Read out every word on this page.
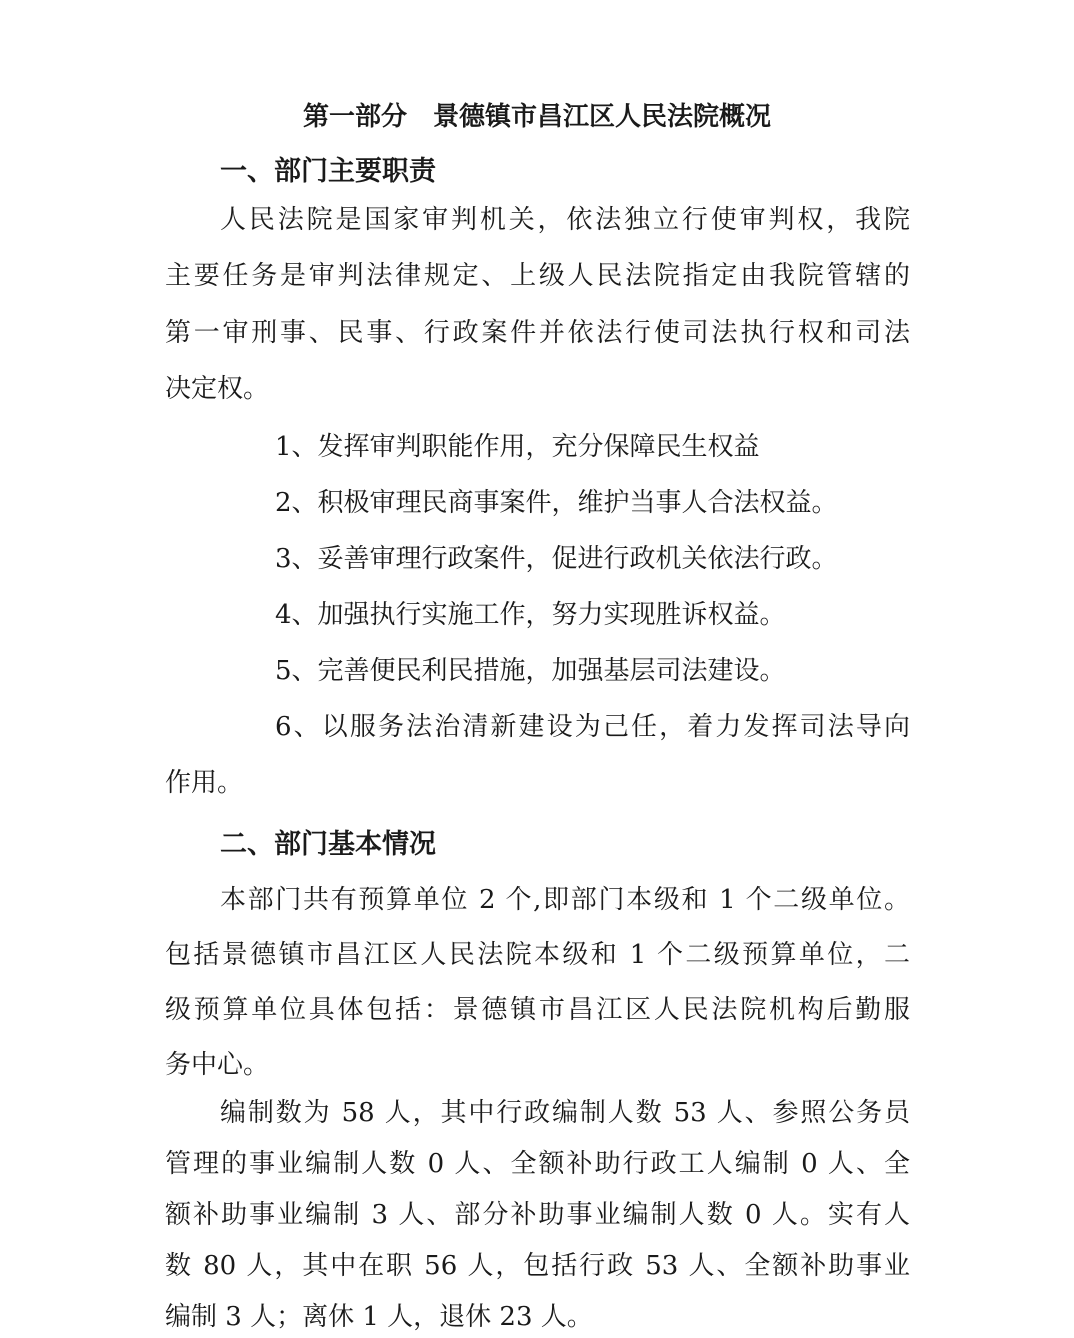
第一部分　景德镇市昌江区人民法院概况
一、部门主要职责
人民法院是国家审判机关，依法独立行使审判权，我院
主要任务是审判法律规定、上级人民法院指定由我院管辖的
第一审刑事、民事、行政案件并依法行使司法执行权和司法
决定权。
1、发挥审判职能作用，充分保障民生权益
2、积极审理民商事案件，维护当事人合法权益。
3、妥善审理行政案件，促进行政机关依法行政。
4、加强执行实施工作，努力实现胜诉权益。
5、完善便民利民措施，加强基层司法建设。
6、以服务法治清新建设为己任，着力发挥司法导向
作用。
二、部门基本情况
本部门共有预算单位 2 个,即部门本级和 1 个二级单位。
包括景德镇市昌江区人民法院本级和 1 个二级预算单位，二
级预算单位具体包括：景德镇市昌江区人民法院机构后勤服
务中心。
编制数为 58 人，其中行政编制人数 53 人、参照公务员
管理的事业编制人数 0 人、全额补助行政工人编制 0 人、全
额补助事业编制 3 人、部分补助事业编制人数 0 人。实有人
数 80 人，其中在职 56 人，包括行政 53 人、全额补助事业
编制 3 人；离休 1 人，退休 23 人。
